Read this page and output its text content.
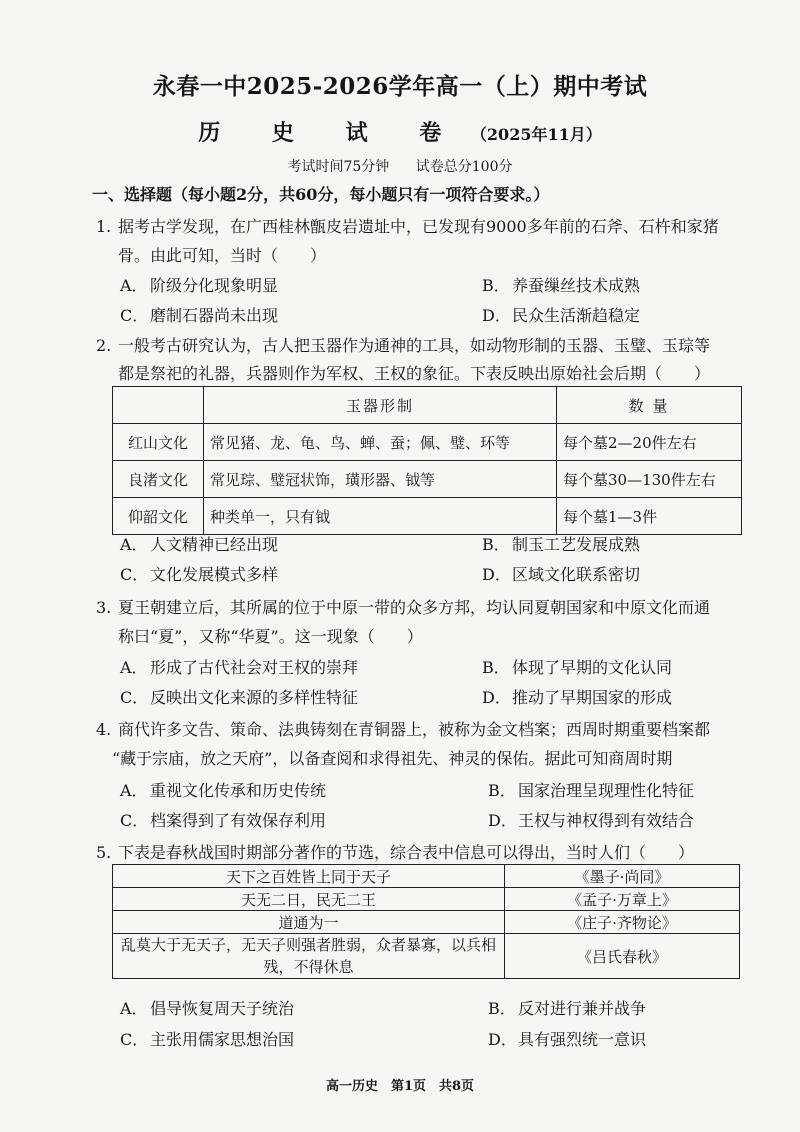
永春一中2025-2026学年高一（上）期中考试
历 史 试 卷 （2025年11月）
考试时间75分钟 试卷总分100分
一、选择题（每小题2分，共60分，每小题只有一项符合要求。）
1. 据考古学发现，在广西桂林甑皮岩遗址中，已发现有9000多年前的石斧、石杵和家猪
骨。由此可知，当时（　　）
A． 阶级分化现象明显	B． 养蚕缫丝技术成熟
C． 磨制石器尚未出现	D．民众生活渐趋稳定
2. 一般考古研究认为，古人把玉器作为通神的工具，如动物形制的玉器、玉璧、玉琮等
都是祭祀的礼器，兵器则作为军权、王权的象征。下表反映出原始社会后期（　　）
	玉器形制	数 量
红山文化	常见猪、龙、龟、鸟、蝉、蚕；佩、璧、环等	每个墓2—20件左右
良渚文化	常见琮、璧冠状饰，璜形器、钺等	每个墓30—130件左右
仰韶文化	种类单一，只有钺	每个墓1—3件
A． 人文精神已经出现	B． 制玉工艺发展成熟
C． 文化发展模式多样	D．区域文化联系密切
3. 夏王朝建立后，其所属的位于中原一带的众多方邦，均认同夏朝国家和中原文化而通
称曰“夏”，又称“华夏”。这一现象（　　）
A． 形成了古代社会对王权的崇拜	B． 体现了早期的文化认同
C． 反映出文化来源的多样性特征	D．推动了早期国家的形成
4. 商代许多文告、策命、法典铸刻在青铜器上，被称为金文档案；西周时期重要档案都
“藏于宗庙，放之天府”，以备查阅和求得祖先、神灵的保佑。据此可知商周时期
A． 重视文化传承和历史传统	B． 国家治理呈现理性化特征
C． 档案得到了有效保存利用	D．王权与神权得到有效结合
5. 下表是春秋战国时期部分著作的节选，综合表中信息可以得出，当时人们（　　）
天下之百姓皆上同于天子	《墨子·尚同》
天无二日，民无二王	《孟子·万章上》
道通为一	《庄子·齐物论》
乱莫大于无天子，无天子则强者胜弱，众者暴寡，以兵相残，不得休息	《吕氏春秋》
A． 倡导恢复周天子统治	B． 反对进行兼并战争
C． 主张用儒家思想治国	D．具有强烈统一意识
高一历史　第1页　共8页
